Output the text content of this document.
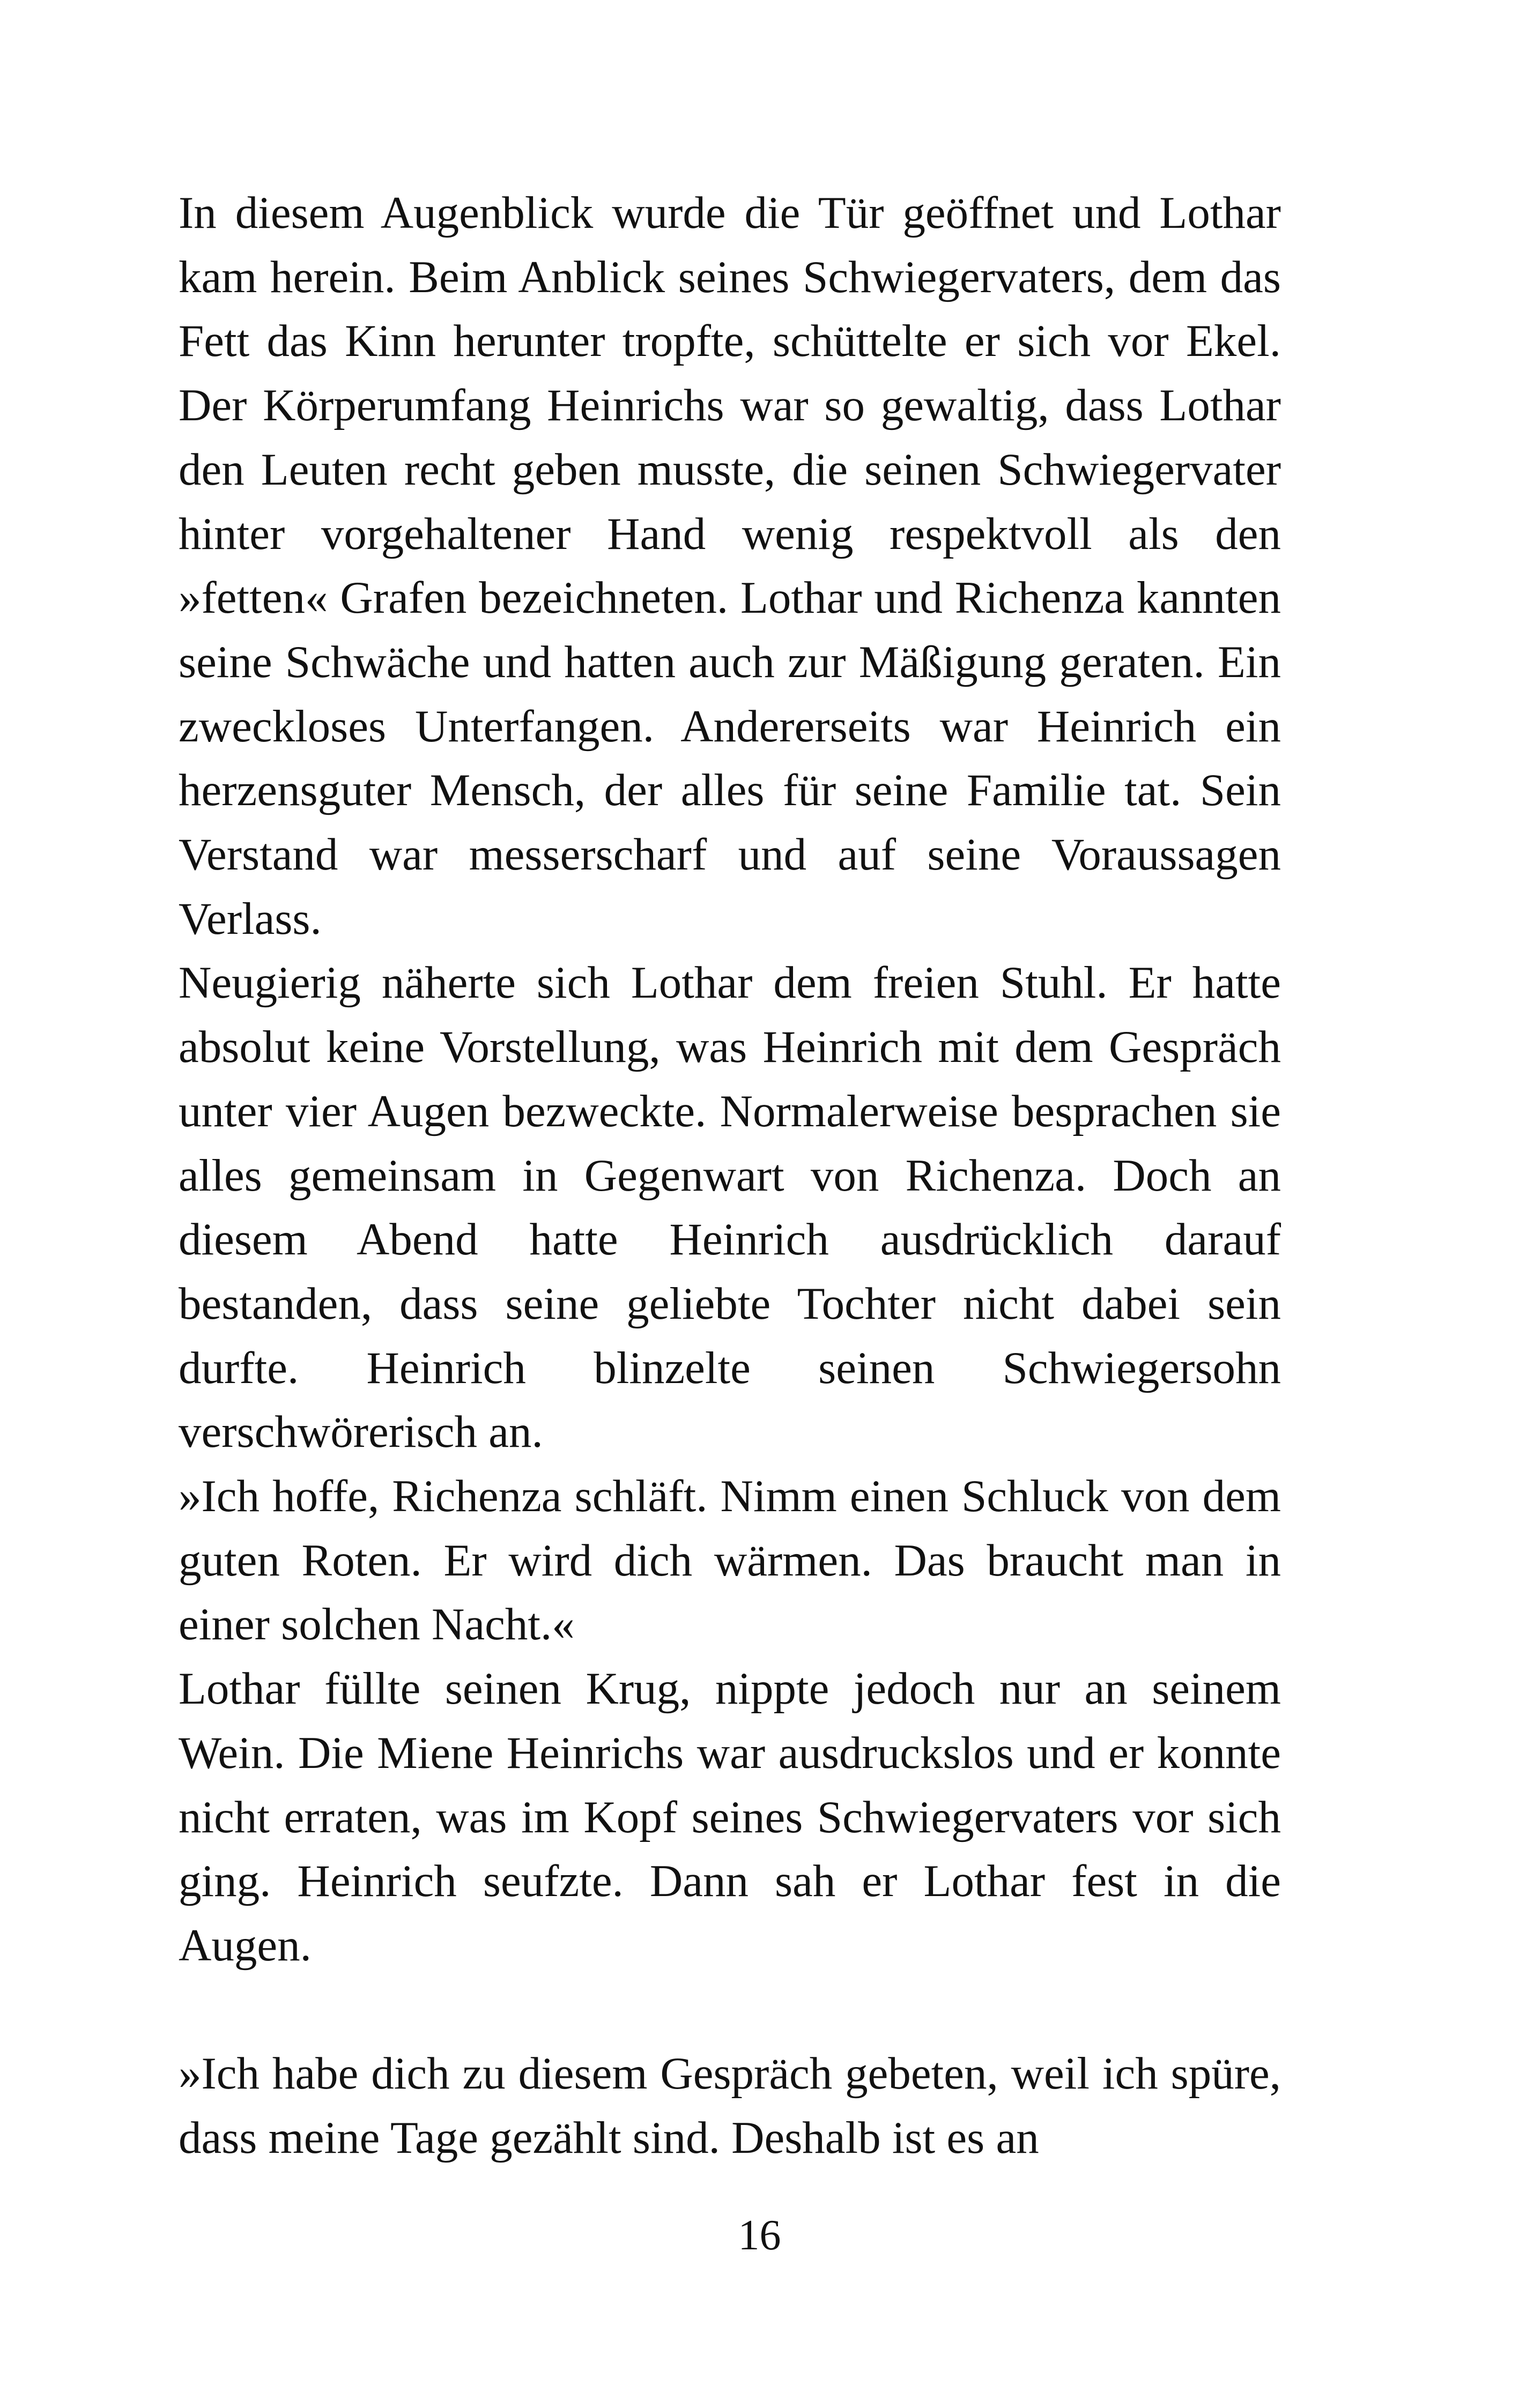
In diesem Augenblick wurde die Tür geöffnet und Lothar kam herein. Beim Anblick seines Schwiegervaters, dem das Fett das Kinn herunter tropfte, schüttelte er sich vor Ekel. Der Körperumfang Heinrichs war so gewaltig, dass Lothar den Leuten recht geben musste, die seinen Schwiegervater hinter vorgehaltener Hand wenig respektvoll als den »fetten« Grafen bezeichneten. Lothar und Richenza kannten seine Schwäche und hatten auch zur Mäßigung geraten. Ein zweckloses Unterfangen. Andererseits war Heinrich ein herzensguter Mensch, der alles für seine Familie tat. Sein Verstand war messerscharf und auf seine Voraussagen Verlass.

Neugierig näherte sich Lothar dem freien Stuhl. Er hatte absolut keine Vorstellung, was Heinrich mit dem Gespräch unter vier Augen bezweckte. Normalerweise besprachen sie alles gemeinsam in Gegenwart von Richenza. Doch an diesem Abend hatte Heinrich ausdrücklich darauf bestanden, dass seine geliebte Tochter nicht dabei sein durfte. Heinrich blinzelte seinen Schwiegersohn verschwörerisch an.

»Ich hoffe, Richenza schläft. Nimm einen Schluck von dem guten Roten. Er wird dich wärmen. Das braucht man in einer solchen Nacht.«

Lothar füllte seinen Krug, nippte jedoch nur an seinem Wein. Die Miene Heinrichs war ausdruckslos und er konnte nicht erraten, was im Kopf seines Schwiegervaters vor sich ging. Heinrich seufzte. Dann sah er Lothar fest in die Augen.

»Ich habe dich zu diesem Gespräch gebeten, weil ich spüre, dass meine Tage gezählt sind. Deshalb ist es an

16
